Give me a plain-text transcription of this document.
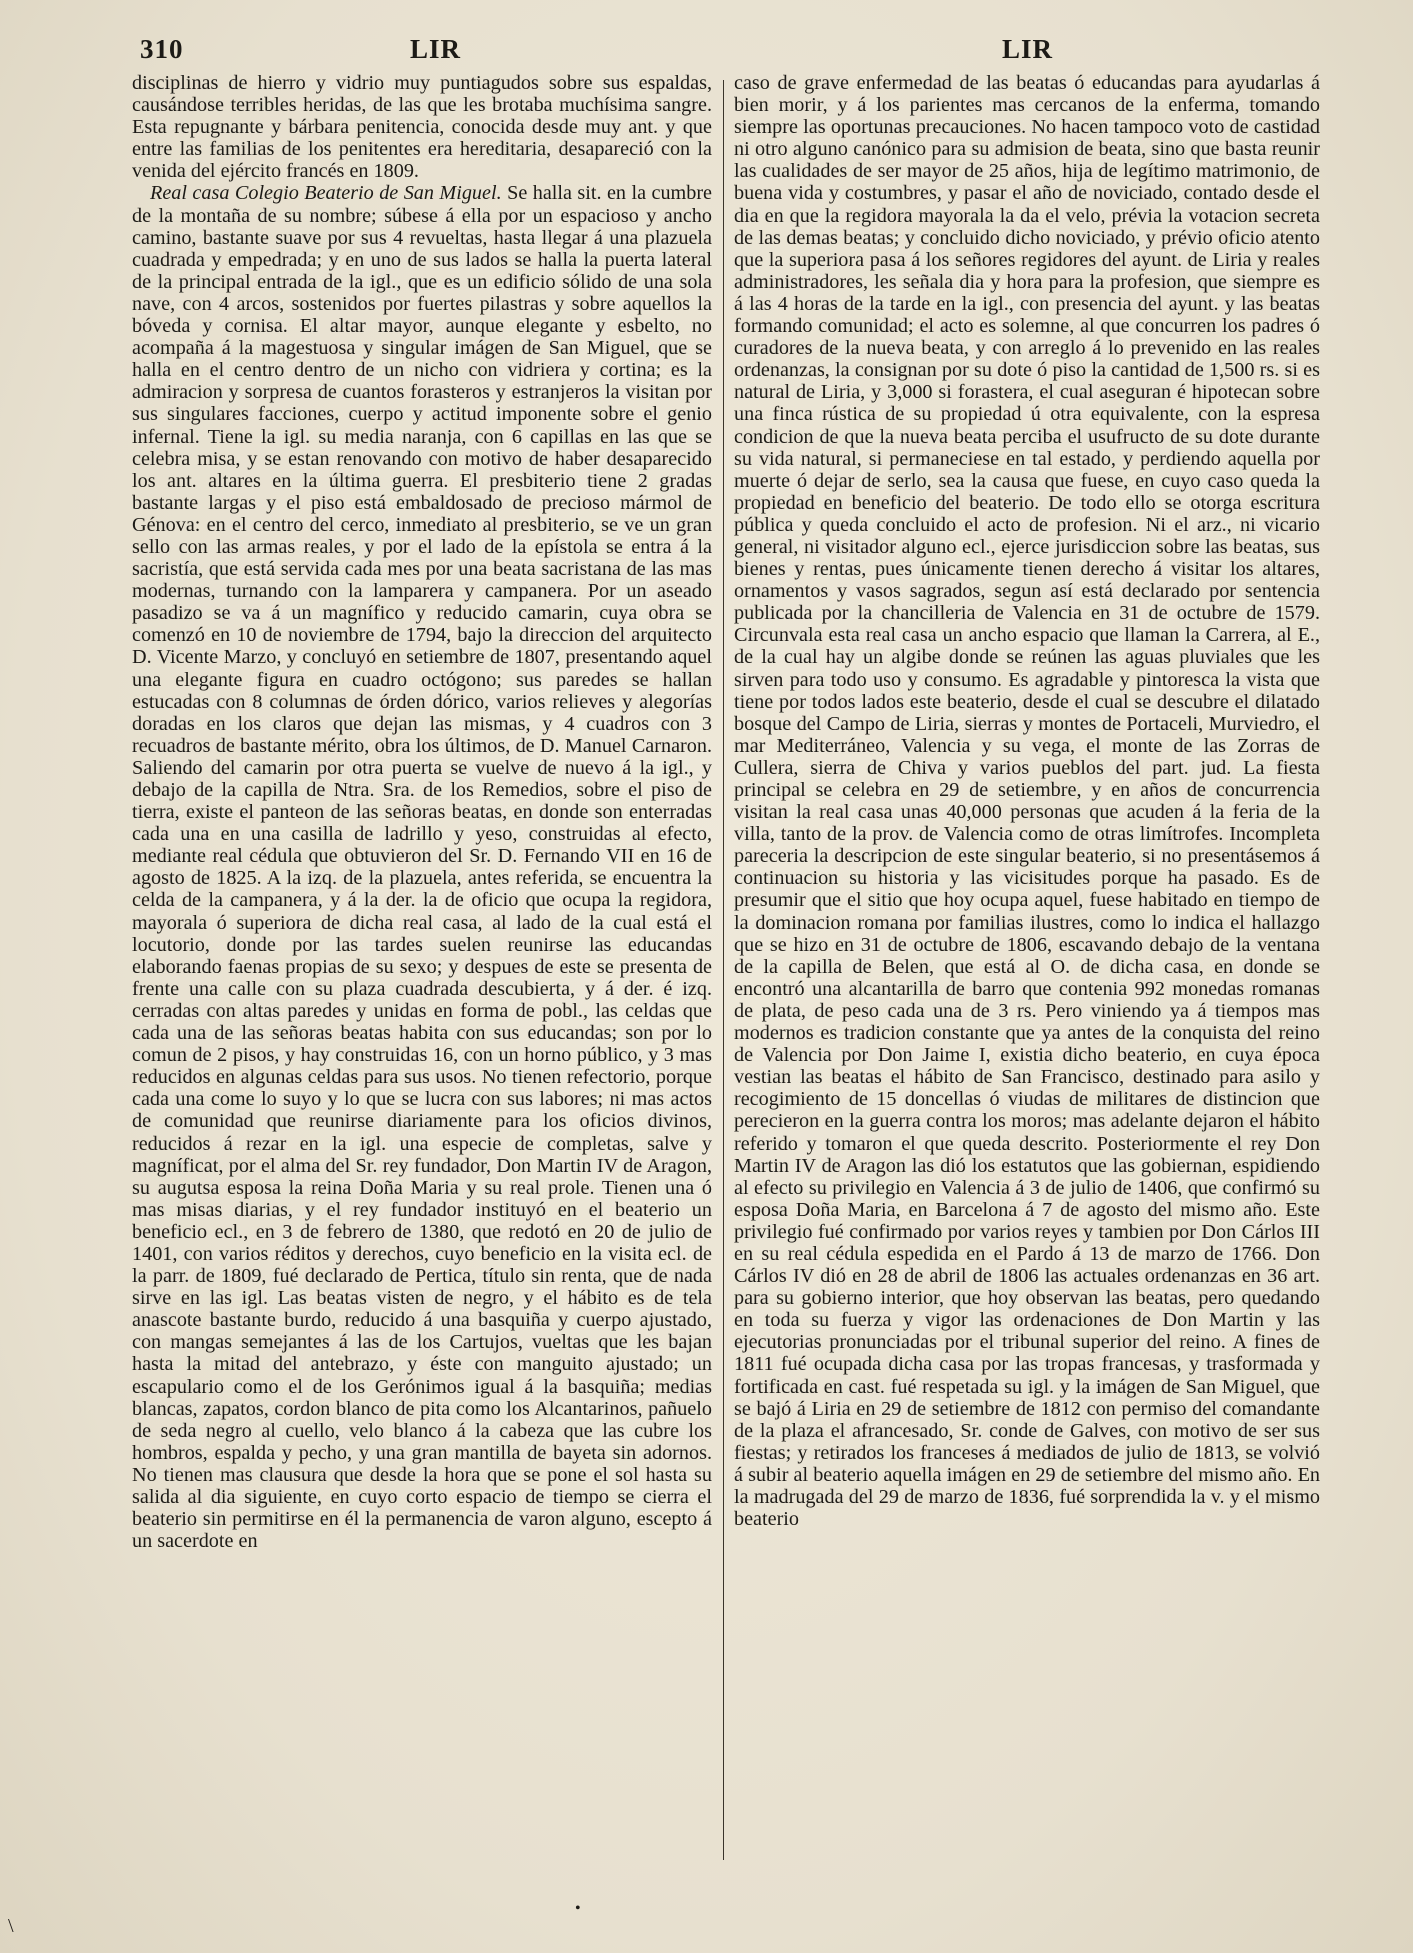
310	LIR	LIR

disciplinas de hierro y vidrio muy puntiagudos sobre sus espaldas, causándose terribles heridas, de las que les brotaba muchísima sangre. Esta repugnante y bárbara penitencia, conocida desde muy ant. y que entre las familias de los penitentes era hereditaria, desapareció con la venida del ejército francés en 1809.

Real casa Colegio Beaterio de San Miguel. Se halla sit. en la cumbre de la montaña de su nombre; súbese á ella por un espacioso y ancho camino, bastante suave por sus 4 revueltas, hasta llegar á una plazuela cuadrada y empedrada; y en uno de sus lados se halla la puerta lateral de la principal entrada de la igl., que es un edificio sólido de una sola nave, con 4 arcos, sostenidos por fuertes pilastras y sobre aquellos la bóveda y cornisa. El altar mayor, aunque elegante y esbelto, no acompaña á la magestuosa y singular imágen de San Miguel, que se halla en el centro dentro de un nicho con vidriera y cortina; es la admiracion y sorpresa de cuantos forasteros y estranjeros la visitan por sus singulares facciones, cuerpo y actitud imponente sobre el genio infernal. Tiene la igl. su media naranja, con 6 capillas en las que se celebra misa, y se estan renovando con motivo de haber desaparecido los ant. altares en la última guerra. El presbiterio tiene 2 gradas bastante largas y el piso está embaldosado de precioso mármol de Génova: en el centro del cerco, inmediato al presbiterio, se ve un gran sello con las armas reales, y por el lado de la epístola se entra á la sacristía, que está servida cada mes por una beata sacristana de las mas modernas, turnando con la lamparera y campanera. Por un aseado pasadizo se va á un magnífico y reducido camarin, cuya obra se comenzó en 10 de noviembre de 1794, bajo la direccion del arquitecto D. Vicente Marzo, y concluyó en setiembre de 1807, presentando aquel una elegante figura en cuadro octógono; sus paredes se hallan estucadas con 8 columnas de órden dórico, varios relieves y alegorías doradas en los claros que dejan las mismas, y 4 cuadros con 3 recuadros de bastante mérito, obra los últimos, de D. Manuel Carnaron. Saliendo del camarin por otra puerta se vuelve de nuevo á la igl., y debajo de la capilla de Ntra. Sra. de los Remedios, sobre el piso de tierra, existe el panteon de las señoras beatas, en donde son enterradas cada una en una casilla de ladrillo y yeso, construidas al efecto, mediante real cédula que obtuvieron del Sr. D. Fernando VII en 16 de agosto de 1825. A la izq. de la plazuela, antes referida, se encuentra la celda de la campanera, y á la der. la de oficio que ocupa la regidora, mayorala ó superiora de dicha real casa, al lado de la cual está el locutorio, donde por las tardes suelen reunirse las educandas elaborando faenas propias de su sexo; y despues de este se presenta de frente una calle con su plaza cuadrada descubierta, y á der. é izq. cerradas con altas paredes y unidas en forma de pobl., las celdas que cada una de las señoras beatas habita con sus educandas; son por lo comun de 2 pisos, y hay construidas 16, con un horno público, y 3 mas reducidos en algunas celdas para sus usos. No tienen refectorio, porque cada una come lo suyo y lo que se lucra con sus labores; ni mas actos de comunidad que reunirse diariamente para los oficios divinos, reducidos á rezar en la igl. una especie de completas, salve y magníficat, por el alma del Sr. rey fundador, Don Martin IV de Aragon, su augutsa esposa la reina Doña Maria y su real prole. Tienen una ó mas misas diarias, y el rey fundador instituyó en el beaterio un beneficio ecl., en 3 de febrero de 1380, que redotó en 20 de julio de 1401, con varios réditos y derechos, cuyo beneficio en la visita ecl. de la parr. de 1809, fué declarado de Pertica, título sin renta, que de nada sirve en las igl. Las beatas visten de negro, y el hábito es de tela anascote bastante burdo, reducido á una basquiña y cuerpo ajustado, con mangas semejantes á las de los Cartujos, vueltas que les bajan hasta la mitad del antebrazo, y éste con manguito ajustado; un escapulario como el de los Gerónimos igual á la basquiña; medias blancas, zapatos, cordon blanco de pita como los Alcantarinos, pañuelo de seda negro al cuello, velo blanco á la cabeza que las cubre los hombros, espalda y pecho, y una gran mantilla de bayeta sin adornos. No tienen mas clausura que desde la hora que se pone el sol hasta su salida al dia siguiente, en cuyo corto espacio de tiempo se cierra el beaterio sin permitirse en él la permanencia de varon alguno, escepto á un sacerdote en

caso de grave enfermedad de las beatas ó educandas para ayudarlas á bien morir, y á los parientes mas cercanos de la enferma, tomando siempre las oportunas precauciones. No hacen tampoco voto de castidad ni otro alguno canónico para su admision de beata, sino que basta reunir las cualidades de ser mayor de 25 años, hija de legítimo matrimonio, de buena vida y costumbres, y pasar el año de noviciado, contado desde el dia en que la regidora mayorala la da el velo, prévia la votacion secreta de las demas beatas; y concluido dicho noviciado, y prévio oficio atento que la superiora pasa á los señores regidores del ayunt. de Liria y reales administradores, les señala dia y hora para la profesion, que siempre es á las 4 horas de la tarde en la igl., con presencia del ayunt. y las beatas formando comunidad; el acto es solemne, al que concurren los padres ó curadores de la nueva beata, y con arreglo á lo prevenido en las reales ordenanzas, la consignan por su dote ó piso la cantidad de 1,500 rs. si es natural de Liria, y 3,000 si forastera, el cual aseguran é hipotecan sobre una finca rústica de su propiedad ú otra equivalente, con la espresa condicion de que la nueva beata perciba el usufructo de su dote durante su vida natural, si permaneciese en tal estado, y perdiendo aquella por muerte ó dejar de serlo, sea la causa que fuese, en cuyo caso queda la propiedad en beneficio del beaterio. De todo ello se otorga escritura pública y queda concluido el acto de profesion. Ni el arz., ni vicario general, ni visitador alguno ecl., ejerce jurisdiccion sobre las beatas, sus bienes y rentas, pues únicamente tienen derecho á visitar los altares, ornamentos y vasos sagrados, segun así está declarado por sentencia publicada por la chancilleria de Valencia en 31 de octubre de 1579. Circunvala esta real casa un ancho espacio que llaman la Carrera, al E., de la cual hay un algibe donde se reúnen las aguas pluviales que les sirven para todo uso y consumo. Es agradable y pintoresca la vista que tiene por todos lados este beaterio, desde el cual se descubre el dilatado bosque del Campo de Liria, sierras y montes de Portaceli, Murviedro, el mar Mediterráneo, Valencia y su vega, el monte de las Zorras de Cullera, sierra de Chiva y varios pueblos del part. jud. La fiesta principal se celebra en 29 de setiembre, y en años de concurrencia visitan la real casa unas 40,000 personas que acuden á la feria de la villa, tanto de la prov. de Valencia como de otras limítrofes. Incompleta pareceria la descripcion de este singular beaterio, si no presentásemos á continuacion su historia y las vicisitudes porque ha pasado. Es de presumir que el sitio que hoy ocupa aquel, fuese habitado en tiempo de la dominacion romana por familias ilustres, como lo indica el hallazgo que se hizo en 31 de octubre de 1806, escavando debajo de la ventana de la capilla de Belen, que está al O. de dicha casa, en donde se encontró una alcantarilla de barro que contenia 992 monedas romanas de plata, de peso cada una de 3 rs. Pero viniendo ya á tiempos mas modernos es tradicion constante que ya antes de la conquista del reino de Valencia por Don Jaime I, existia dicho beaterio, en cuya época vestian las beatas el hábito de San Francisco, destinado para asilo y recogimiento de 15 doncellas ó viudas de militares de distincion que perecieron en la guerra contra los moros; mas adelante dejaron el hábito referido y tomaron el que queda descrito. Posteriormente el rey Don Martin IV de Aragon las dió los estatutos que las gobiernan, espidiendo al efecto su privilegio en Valencia á 3 de julio de 1406, que confirmó su esposa Doña Maria, en Barcelona á 7 de agosto del mismo año. Este privilegio fué confirmado por varios reyes y tambien por Don Cárlos III en su real cédula espedida en el Pardo á 13 de marzo de 1766. Don Cárlos IV dió en 28 de abril de 1806 las actuales ordenanzas en 36 art. para su gobierno interior, que hoy observan las beatas, pero quedando en toda su fuerza y vigor las ordenaciones de Don Martin y las ejecutorias pronunciadas por el tribunal superior del reino. A fines de 1811 fué ocupada dicha casa por las tropas francesas, y trasformada y fortificada en cast. fué respetada su igl. y la imágen de San Miguel, que se bajó á Liria en 29 de setiembre de 1812 con permiso del comandante de la plaza el afrancesado, Sr. conde de Galves, con motivo de ser sus fiestas; y retirados los franceses á mediados de julio de 1813, se volvió á subir al beaterio aquella imágen en 29 de setiembre del mismo año. En la madrugada del 29 de marzo de 1836, fué sorprendida la v. y el mismo beaterio

•
\
